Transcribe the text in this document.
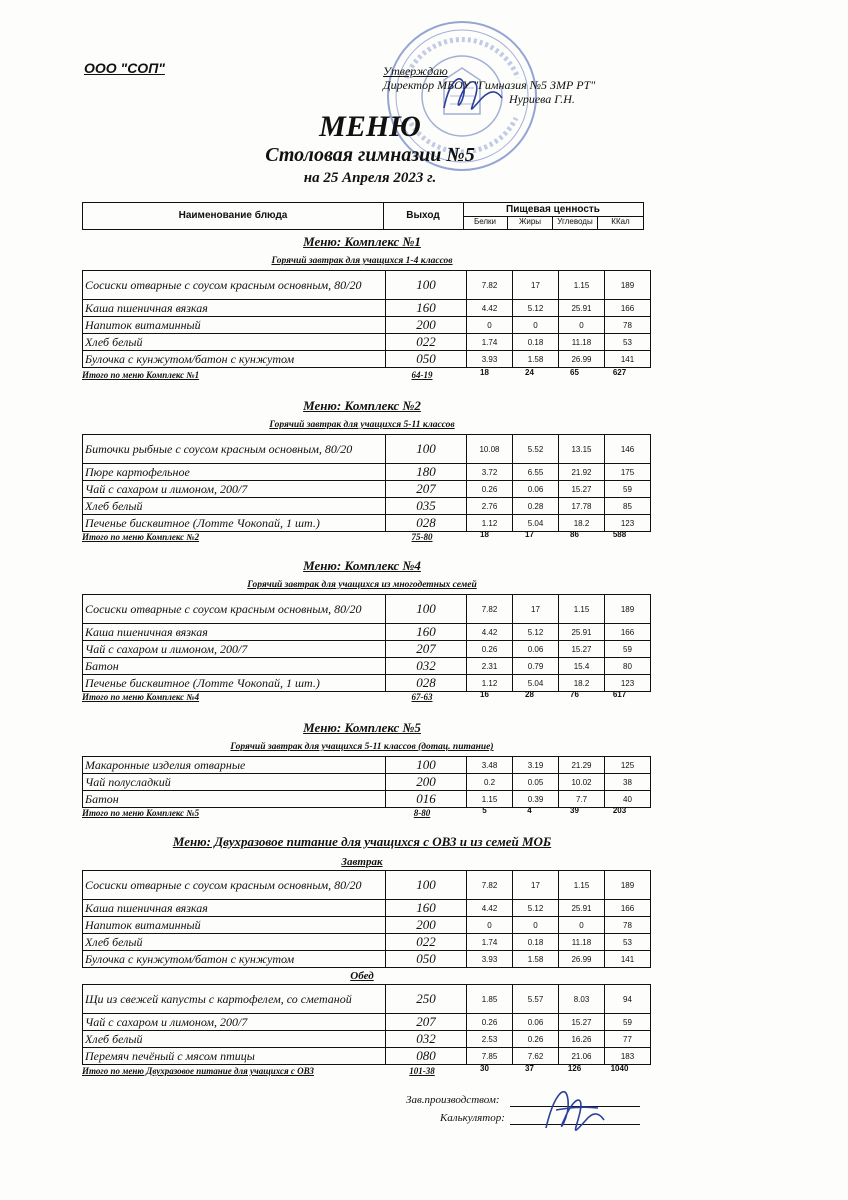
ООО "СОП"	Утверждаю
Директор МБОУ "Гимназия №5 ЗМР РТ"
Нуриева Г.Н.
МЕНЮ
Столовая гимназии №5
на 25 Апреля 2023 г.
Наименование блюда	Выход
Пищевая ценность
Белки	Жиры	Углеводы	ККал
Меню: Комплекс №1
Горячий завтрак для учащихся 1-4 классов
Сосиски отварные с соусом красным основным, 80/20	100	7.82	17	1.15	189
Каша пшеничная вязкая	160	4.42	5.12	25.91	166
Напиток витаминный	200	0	0	0	78
Хлеб белый	022	1.74	0.18	11.18	53
Булочка с кунжутом/батон с кунжутом	050	3.93	1.58	26.99	141
Итого по меню Комплекс №1	64-19	18	24	65	627
Меню: Комплекс №2
Горячий завтрак для учащихся 5-11 классов
Биточки рыбные с соусом красным основным, 80/20	100	10.08	5.52	13.15	146
Пюре картофельное	180	3.72	6.55	21.92	175
Чай с сахаром и лимоном, 200/7	207	0.26	0.06	15.27	59
Хлеб белый	035	2.76	0.28	17.78	85
Печенье бисквитное (Лотте Чокопай, 1 шт.)	028	1.12	5.04	18.2	123
Итого по меню Комплекс №2	75-80	18	17	86	588
Меню: Комплекс №4
Горячий завтрак для учащихся из многодетных семей
Сосиски отварные с соусом красным основным, 80/20	100	7.82	17	1.15	189
Каша пшеничная вязкая	160	4.42	5.12	25.91	166
Чай с сахаром и лимоном, 200/7	207	0.26	0.06	15.27	59
Батон	032	2.31	0.79	15.4	80
Печенье бисквитное (Лотте Чокопай, 1 шт.)	028	1.12	5.04	18.2	123
Итого по меню Комплекс №4	67-63	16	28	76	617
Меню: Комплекс №5
Горячий завтрак для учащихся 5-11 классов (дотац. питание)
Макаронные изделия отварные	100	3.48	3.19	21.29	125
Чай полусладкий	200	0.2	0.05	10.02	38
Батон	016	1.15	0.39	7.7	40
Итого по меню Комплекс №5	8-80	5	4	39	203
Меню: Двухразовое питание для учащихся с ОВЗ и из семей МОБ
Завтрак
Сосиски отварные с соусом красным основным, 80/20	100	7.82	17	1.15	189
Каша пшеничная вязкая	160	4.42	5.12	25.91	166
Напиток витаминный	200	0	0	0	78
Хлеб белый	022	1.74	0.18	11.18	53
Булочка с кунжутом/батон с кунжутом	050	3.93	1.58	26.99	141
Обед
Щи из свежей капусты с картофелем, со сметаной	250	1.85	5.57	8.03	94
Чай с сахаром и лимоном, 200/7	207	0.26	0.06	15.27	59
Хлеб белый	032	2.53	0.26	16.26	77
Перемяч печёный с мясом птицы	080	7.85	7.62	21.06	183
Итого по меню Двухразовое питание для учащихся с ОВЗ	101-38	30	37	126	1040
Зав.производством:
Калькулятор:
